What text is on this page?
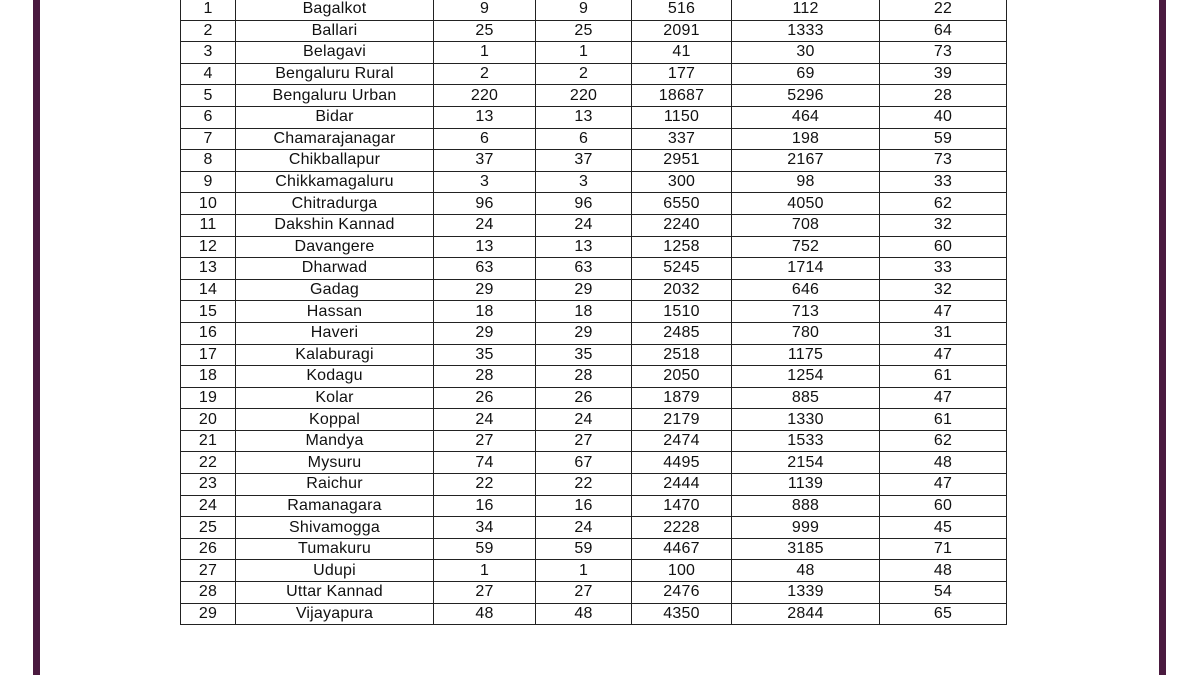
1	Bagalkot	9	9	516	112	22
2	Ballari	25	25	2091	1333	64
3	Belagavi	1	1	41	30	73
4	Bengaluru Rural	2	2	177	69	39
5	Bengaluru Urban	220	220	18687	5296	28
6	Bidar	13	13	1150	464	40
7	Chamarajanagar	6	6	337	198	59
8	Chikballapur	37	37	2951	2167	73
9	Chikkamagaluru	3	3	300	98	33
10	Chitradurga	96	96	6550	4050	62
11	Dakshin Kannad	24	24	2240	708	32
12	Davangere	13	13	1258	752	60
13	Dharwad	63	63	5245	1714	33
14	Gadag	29	29	2032	646	32
15	Hassan	18	18	1510	713	47
16	Haveri	29	29	2485	780	31
17	Kalaburagi	35	35	2518	1175	47
18	Kodagu	28	28	2050	1254	61
19	Kolar	26	26	1879	885	47
20	Koppal	24	24	2179	1330	61
21	Mandya	27	27	2474	1533	62
22	Mysuru	74	67	4495	2154	48
23	Raichur	22	22	2444	1139	47
24	Ramanagara	16	16	1470	888	60
25	Shivamogga	34	24	2228	999	45
26	Tumakuru	59	59	4467	3185	71
27	Udupi	1	1	100	48	48
28	Uttar Kannad	27	27	2476	1339	54
29	Vijayapura	48	48	4350	2844	65
